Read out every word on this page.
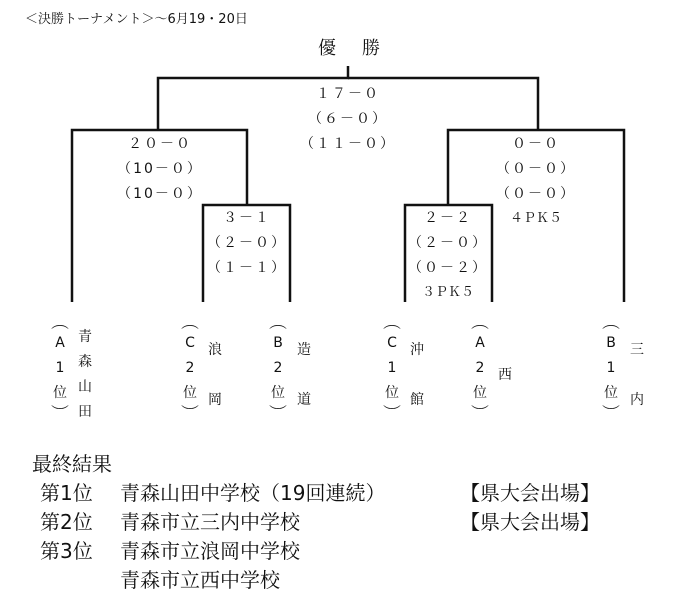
＜決勝トーナメント＞〜6月19・20日
優　勝
１７－０
（６－０）
（１１－０）
２０－０
（10－０）
（10－０）
０－０
（０－０）
（０－０）
４ＰＫ５
３－１
（２－０）
（１－１）
２－２
（２－０）
（０－２）
３ＰＫ５
︵
A
1
位
︶
青
森
山
田
︵
C
2
位
︶
浪
岡
︵
B
2
位
︶
造
道
︵
C
1
位
︶
沖
館
︵
A
2
位
︶
西
︵
B
1
位
︶
三
内
最終結果
第1位 青森山田中学校（19回連続）	【県大会出場】
第2位 青森市立三内中学校	【県大会出場】
第3位 青森市立浪岡中学校
青森市立西中学校
